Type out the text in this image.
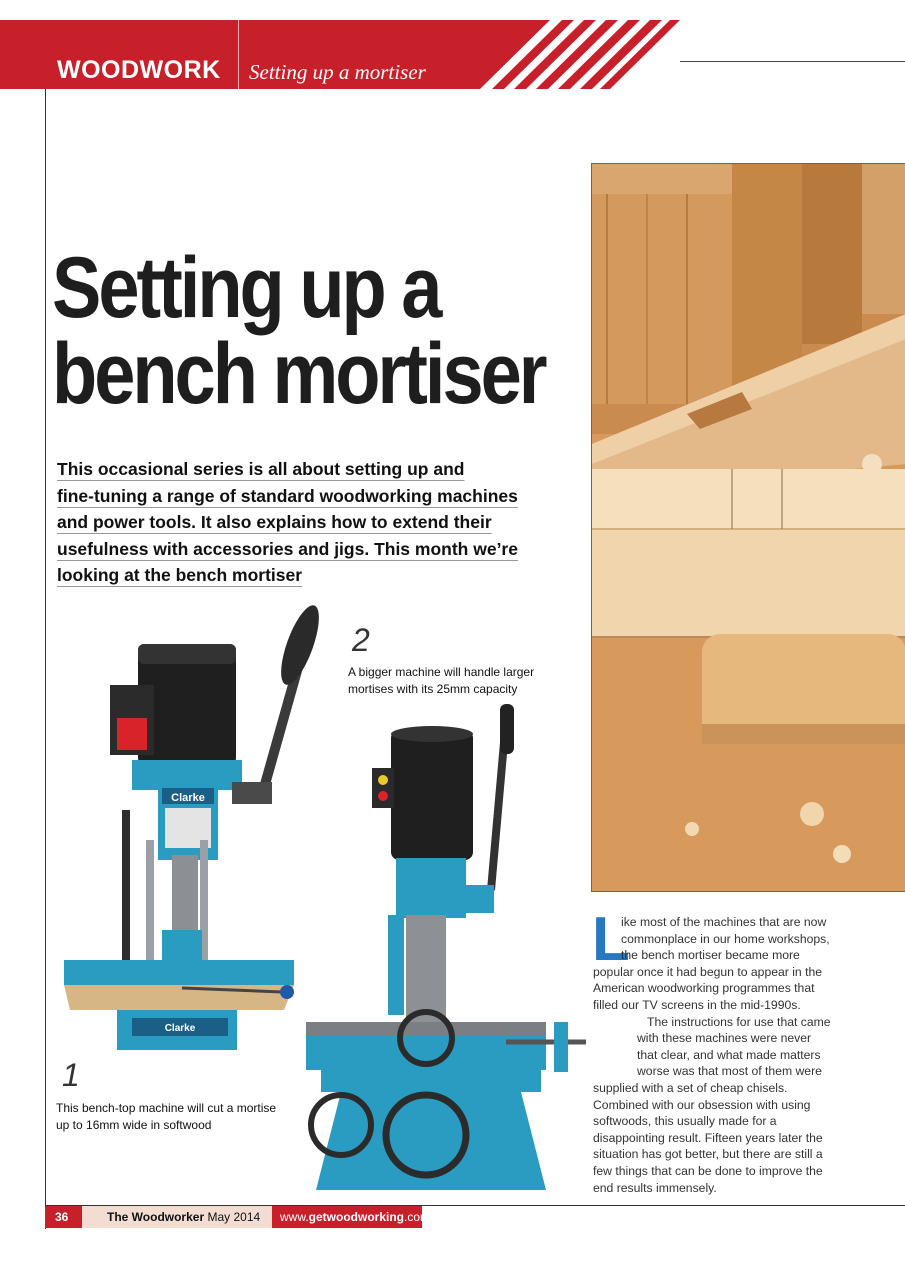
WOODWORK Setting up a mortiser
Setting up a
bench mortiser

This occasional series is all about setting up and
fine-tuning a range of standard woodworking machines
and power tools. It also explains how to extend their
usefulness with accessories and jigs. This month we’re
looking at the bench mortiser

Clarke
Clarke
1
This bench-top machine will cut a mortise
up to 16mm wide in softwood
2
A bigger machine will handle larger
mortises with its 25mm capacity
L
ike most of the machines that are now
commonplace in our home workshops,
the bench mortiser became more
popular once it had begun to appear in the
American woodworking programmes that
filled our TV screens in the mid-1990s.
The instructions for use that came
with these machines were never
that clear, and what made matters
worse was that most of them were
supplied with a set of cheap chisels.
Combined with our obsession with using
softwoods, this usually made for a
disappointing result. Fifteen years later the
situation has got better, but there are still a
few things that can be done to improve the
end results immensely.
36	The Woodworker May 2014	www.getwoodworking.com
